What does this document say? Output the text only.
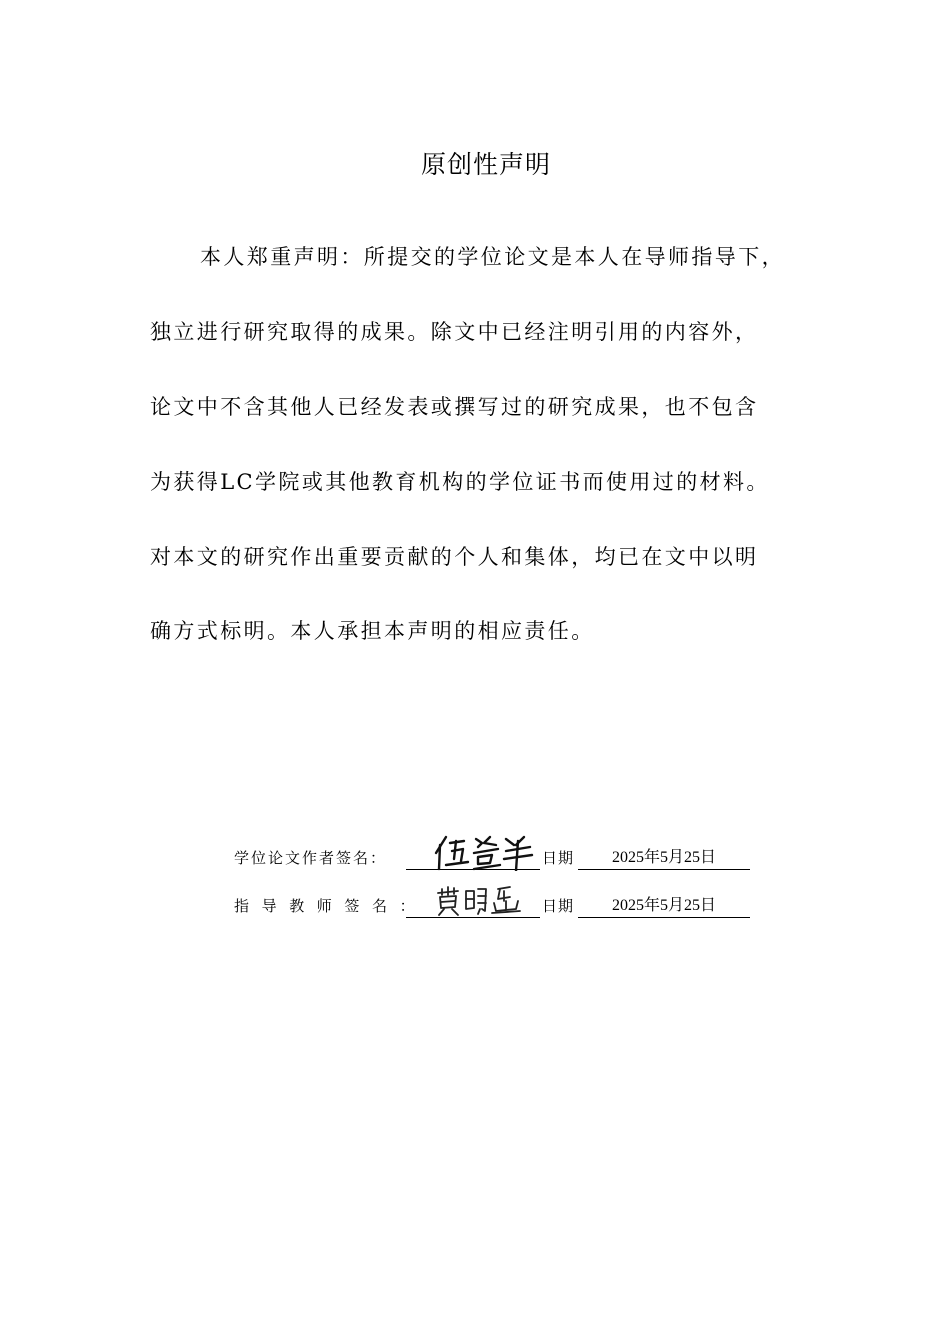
原创性声明
本人郑重声明：所提交的学位论文是本人在导师指导下，
独立进行研究取得的成果。除文中已经注明引用的内容外，
论文中不含其他人已经发表或撰写过的研究成果，也不包含
为获得LC学院或其他教育机构的学位证书而使用过的材料。
对本文的研究作出重要贡献的个人和集体，均已在文中以明
确方式标明。本人承担本声明的相应责任。
学位论文作者签名：	日期	2025年5月25日
指导教师签名：	日期	2025年5月25日
